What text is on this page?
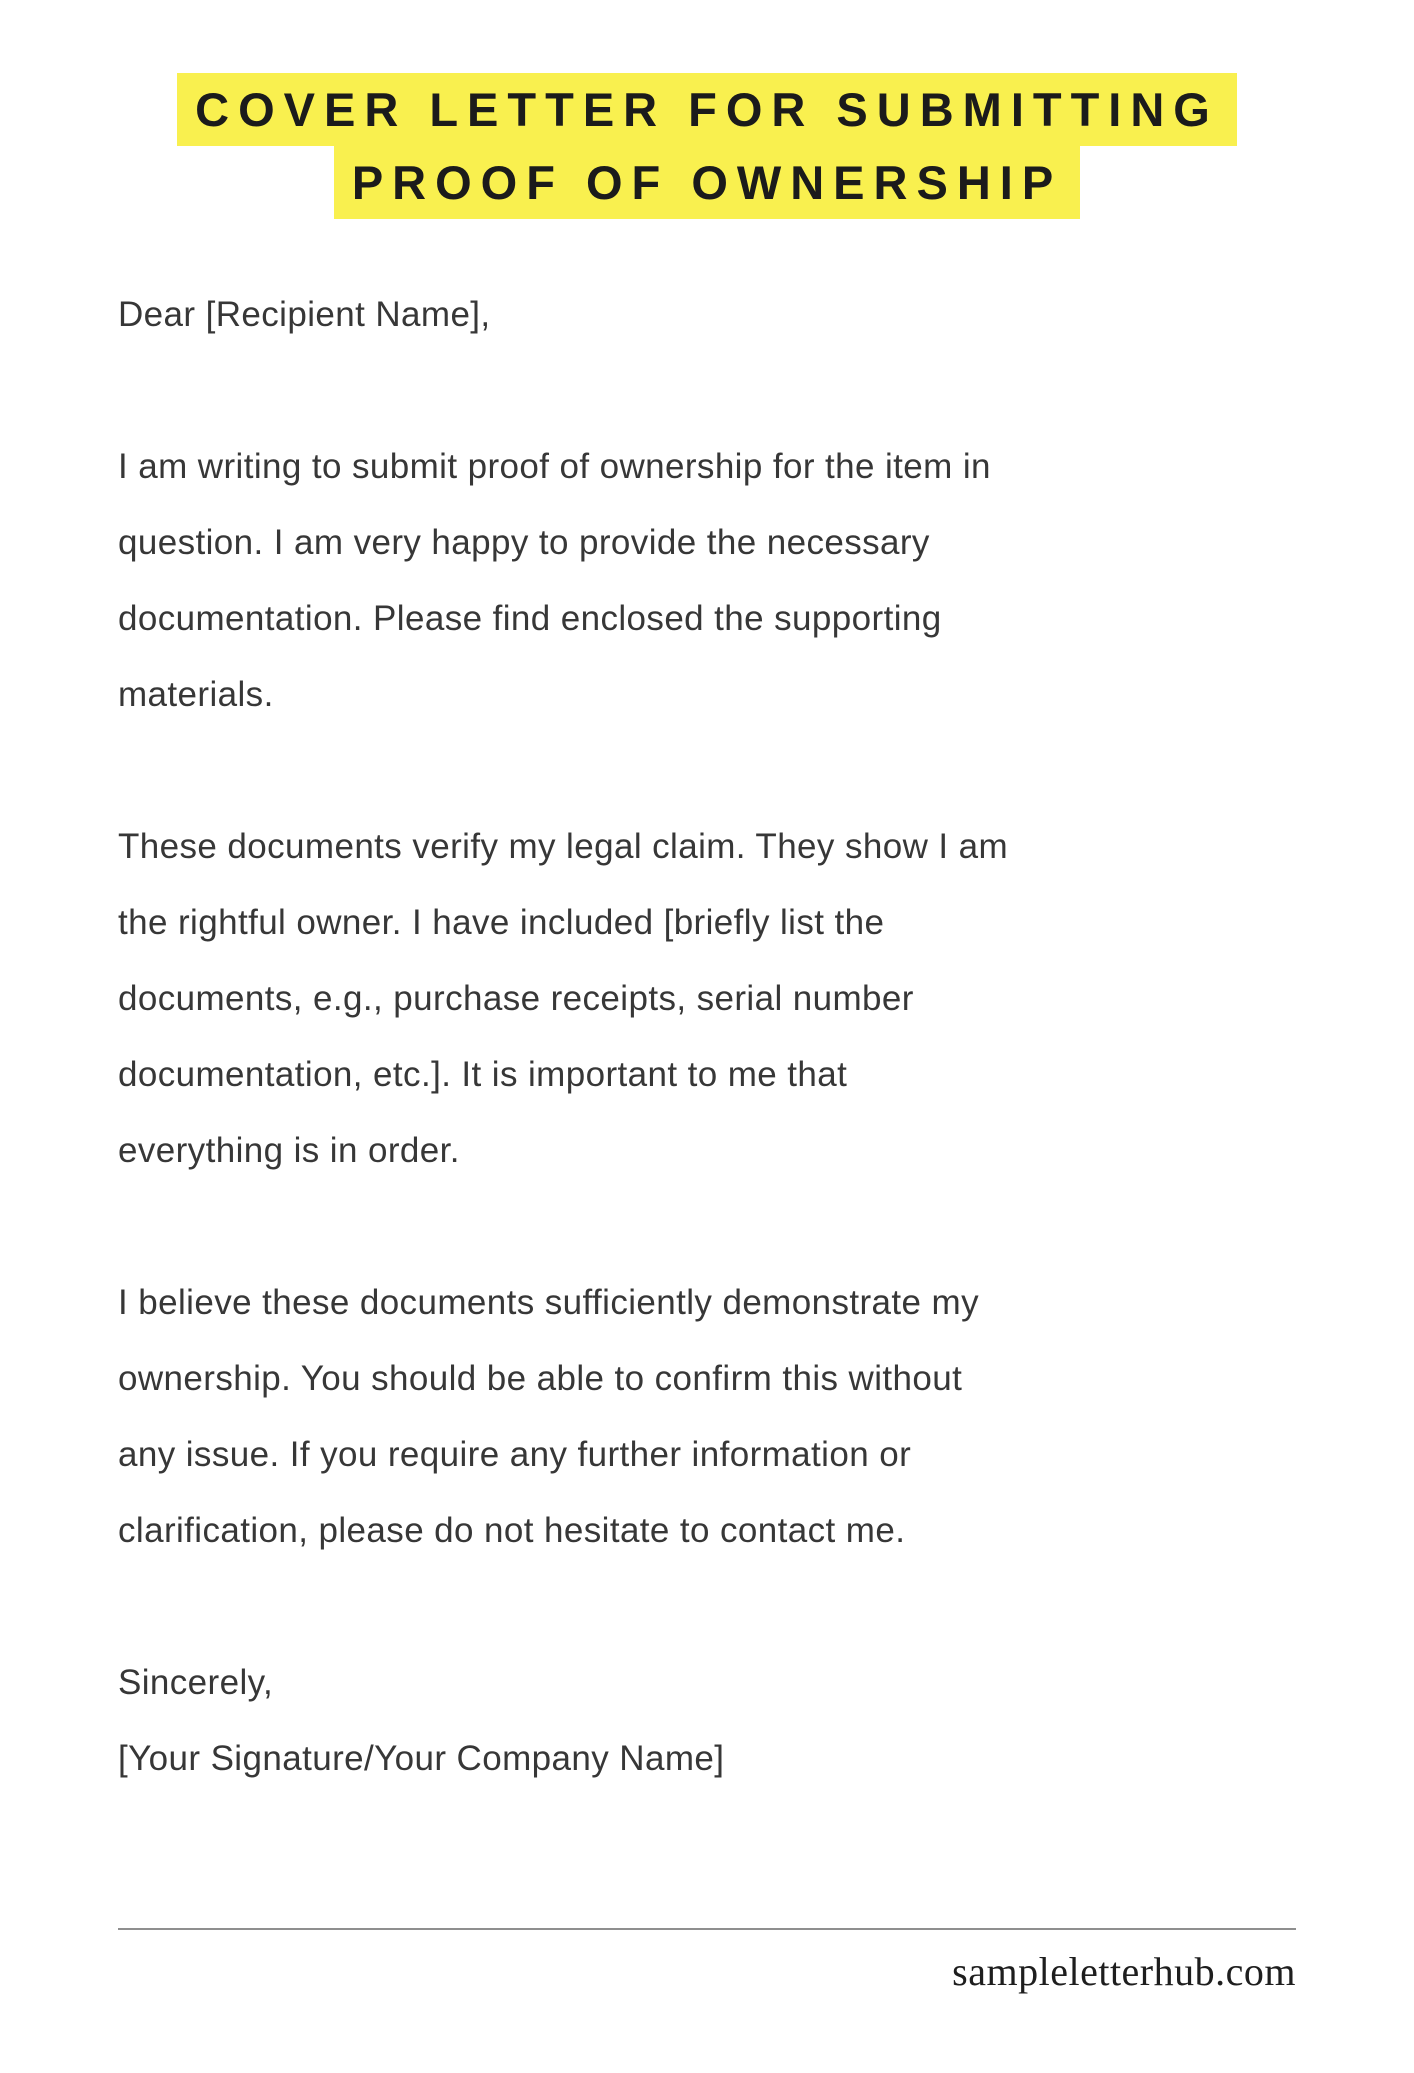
COVER LETTER FOR SUBMITTING
PROOF OF OWNERSHIP
Dear [Recipient Name],
I am writing to submit proof of ownership for the item in
question. I am very happy to provide the necessary
documentation. Please find enclosed the supporting
materials.
These documents verify my legal claim. They show I am
the rightful owner. I have included [briefly list the
documents, e.g., purchase receipts, serial number
documentation, etc.]. It is important to me that
everything is in order.
I believe these documents sufficiently demonstrate my
ownership. You should be able to confirm this without
any issue. If you require any further information or
clarification, please do not hesitate to contact me.
Sincerely,
[Your Signature/Your Company Name]
sampleletterhub.com
